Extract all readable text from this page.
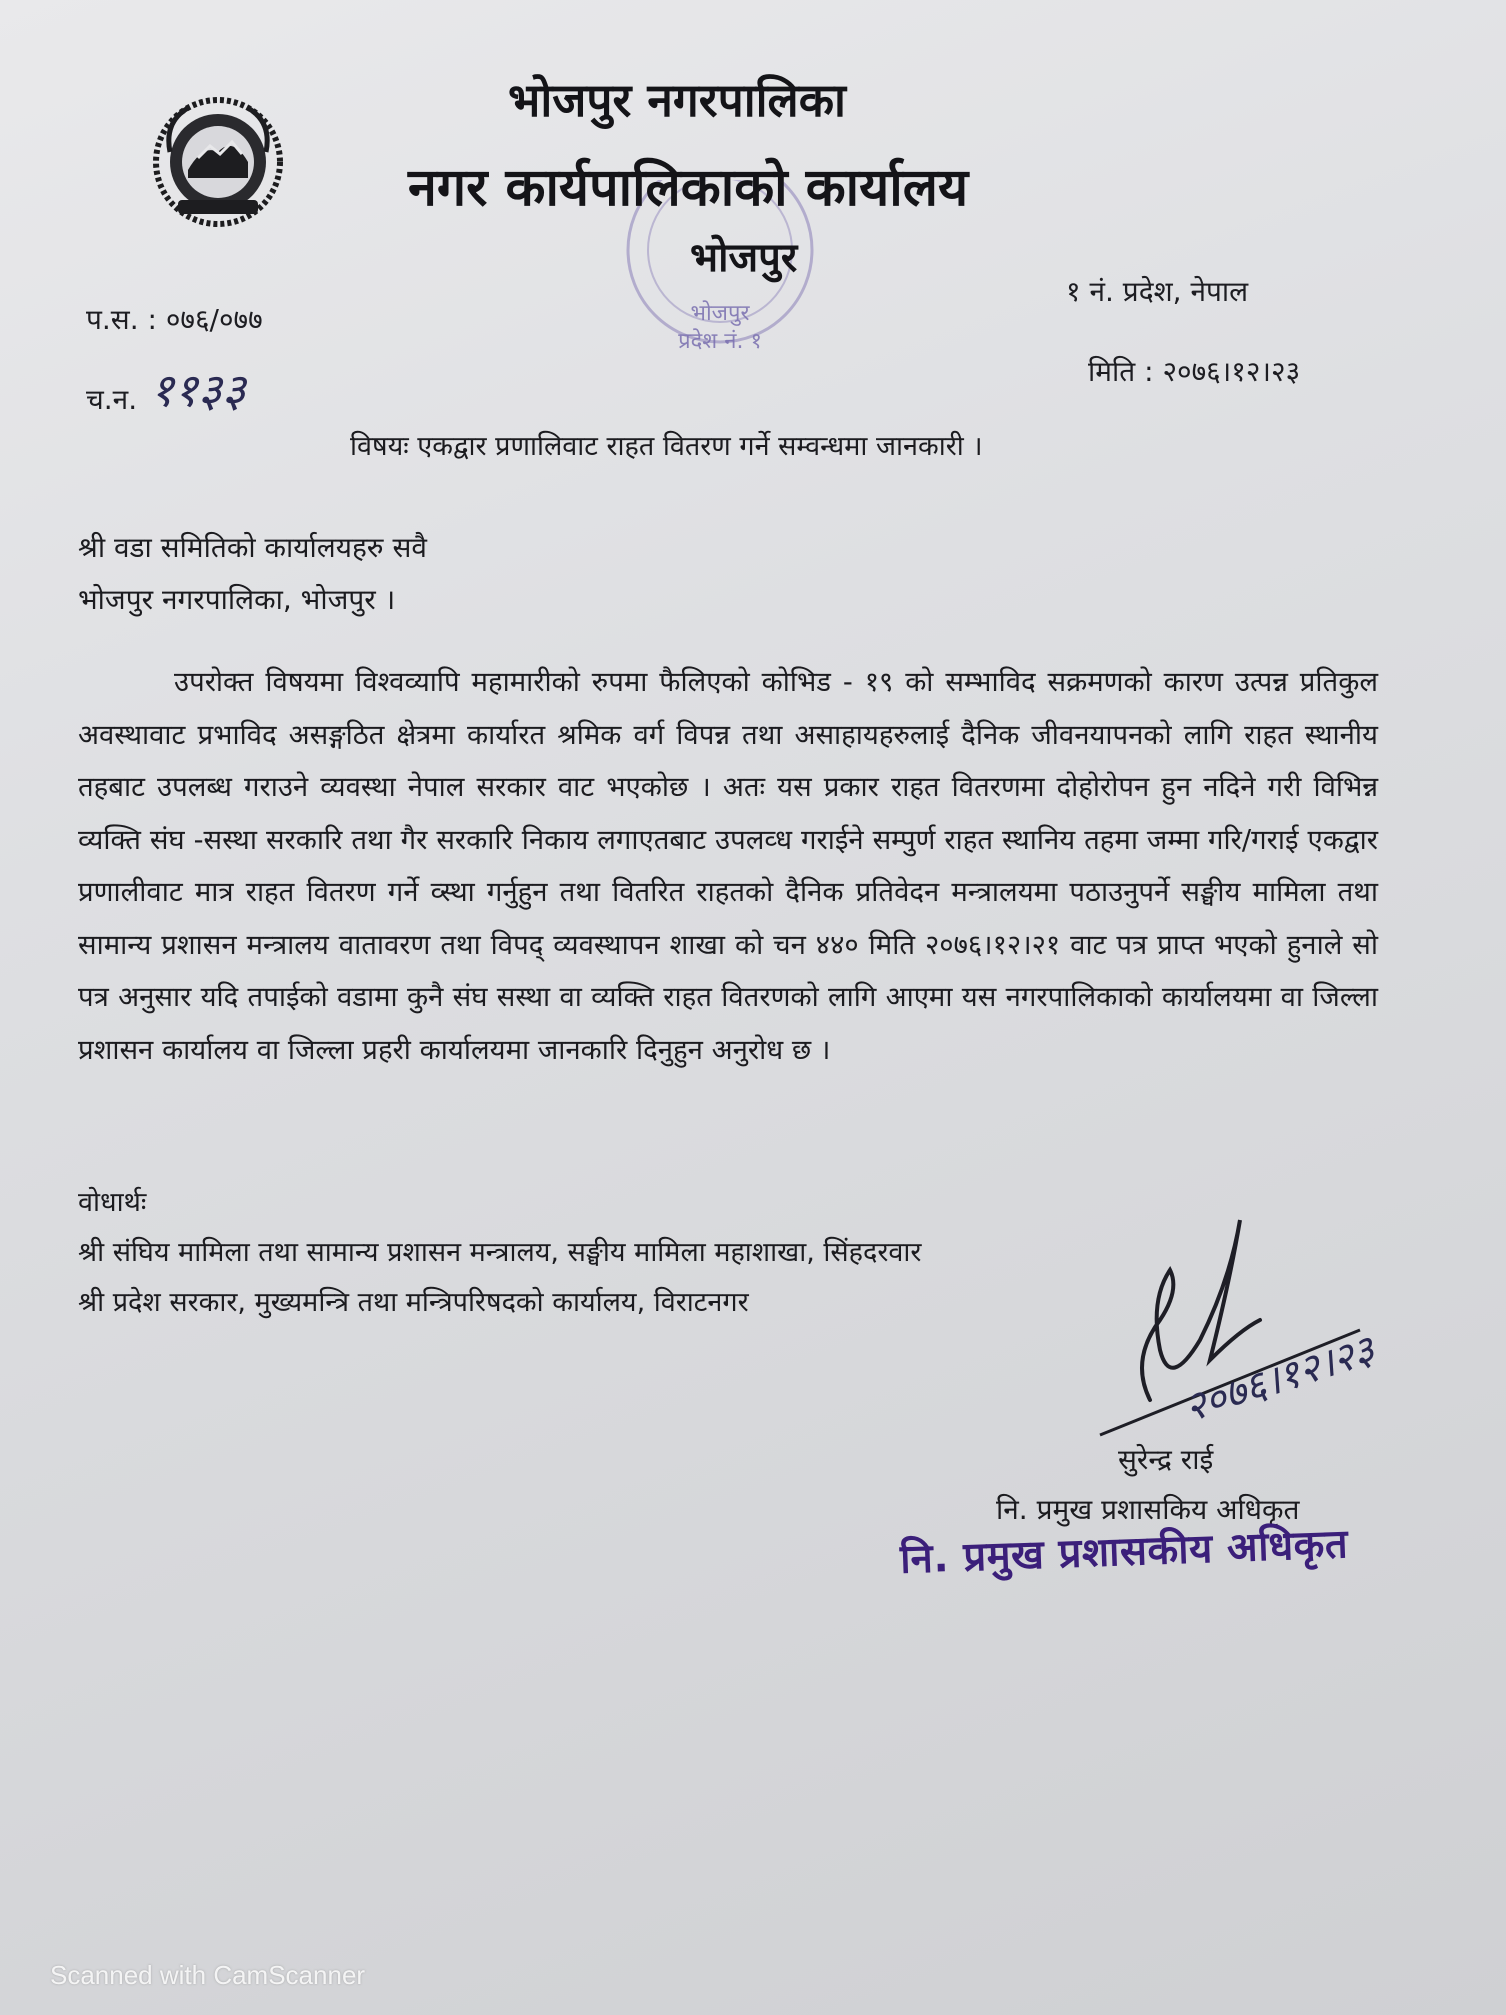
भोजपुर
प्रदेश नं. १
भोजपुर नगरपालिका
नगर कार्यपालिकाको कार्यालय
भोजपुर
प.स. : ०७६/०७७
च.न. ११३३
१ नं. प्रदेश, नेपाल
मिति : २०७६।१२।२३
विषयः एकद्वार प्रणालिवाट राहत वितरण गर्ने सम्वन्धमा जानकारी ।
श्री वडा समितिको कार्यालयहरु सवै
भोजपुर नगरपालिका, भोजपुर ।
उपरोक्त विषयमा विश्वव्यापि महामारीको रुपमा फैलिएको कोभिड - १९ को सम्भाविद सक्रमणको कारण उत्पन्न प्रतिकुल अवस्थावाट प्रभाविद असङ्गठित क्षेत्रमा कार्यारत श्रमिक वर्ग विपन्न तथा असाहायहरुलाई दैनिक जीवनयापनको लागि राहत स्थानीय तहबाट उपलब्ध गराउने व्यवस्था नेपाल सरकार वाट भएकोछ । अतः यस प्रकार राहत वितरणमा दोहोरोपन हुन नदिने गरी विभिन्न व्यक्ति संघ -सस्था सरकारि तथा गैर सरकारि निकाय लगाएतबाट उपलव्ध गराईने सम्पुर्ण राहत स्थानिय तहमा जम्मा गरि/गराई एकद्वार प्रणालीवाट मात्र राहत वितरण गर्ने व्स्था गर्नुहुन तथा वितरित राहतको दैनिक प्रतिवेदन मन्त्रालयमा पठाउनुपर्ने सङ्घीय मामिला तथा सामान्य प्रशासन मन्त्रालय वातावरण तथा विपद् व्यवस्थापन शाखा को चन ४४० मिति २०७६।१२।२१ वाट पत्र प्राप्त भएको हुनाले सो पत्र अनुसार यदि तपाईको वडामा कुनै संघ सस्था वा व्यक्ति राहत वितरणको लागि आएमा यस नगरपालिकाको कार्यालयमा वा जिल्ला प्रशासन कार्यालय वा जिल्ला प्रहरी कार्यालयमा जानकारि दिनुहुन अनुरोध छ ।
वोधार्थः
श्री संघिय मामिला तथा सामान्य प्रशासन मन्त्रालय, सङ्घीय मामिला महाशाखा, सिंहदरवार
श्री प्रदेश सरकार, मुख्यमन्त्रि तथा मन्त्रिपरिषदको कार्यालय, विराटनगर
२०७६।१२।२३
सुरेन्द्र राई
नि. प्रमुख प्रशासकिय अधिकृत
नि. प्रमुख प्रशासकीय अधिकृत
Scanned with CamScanner
